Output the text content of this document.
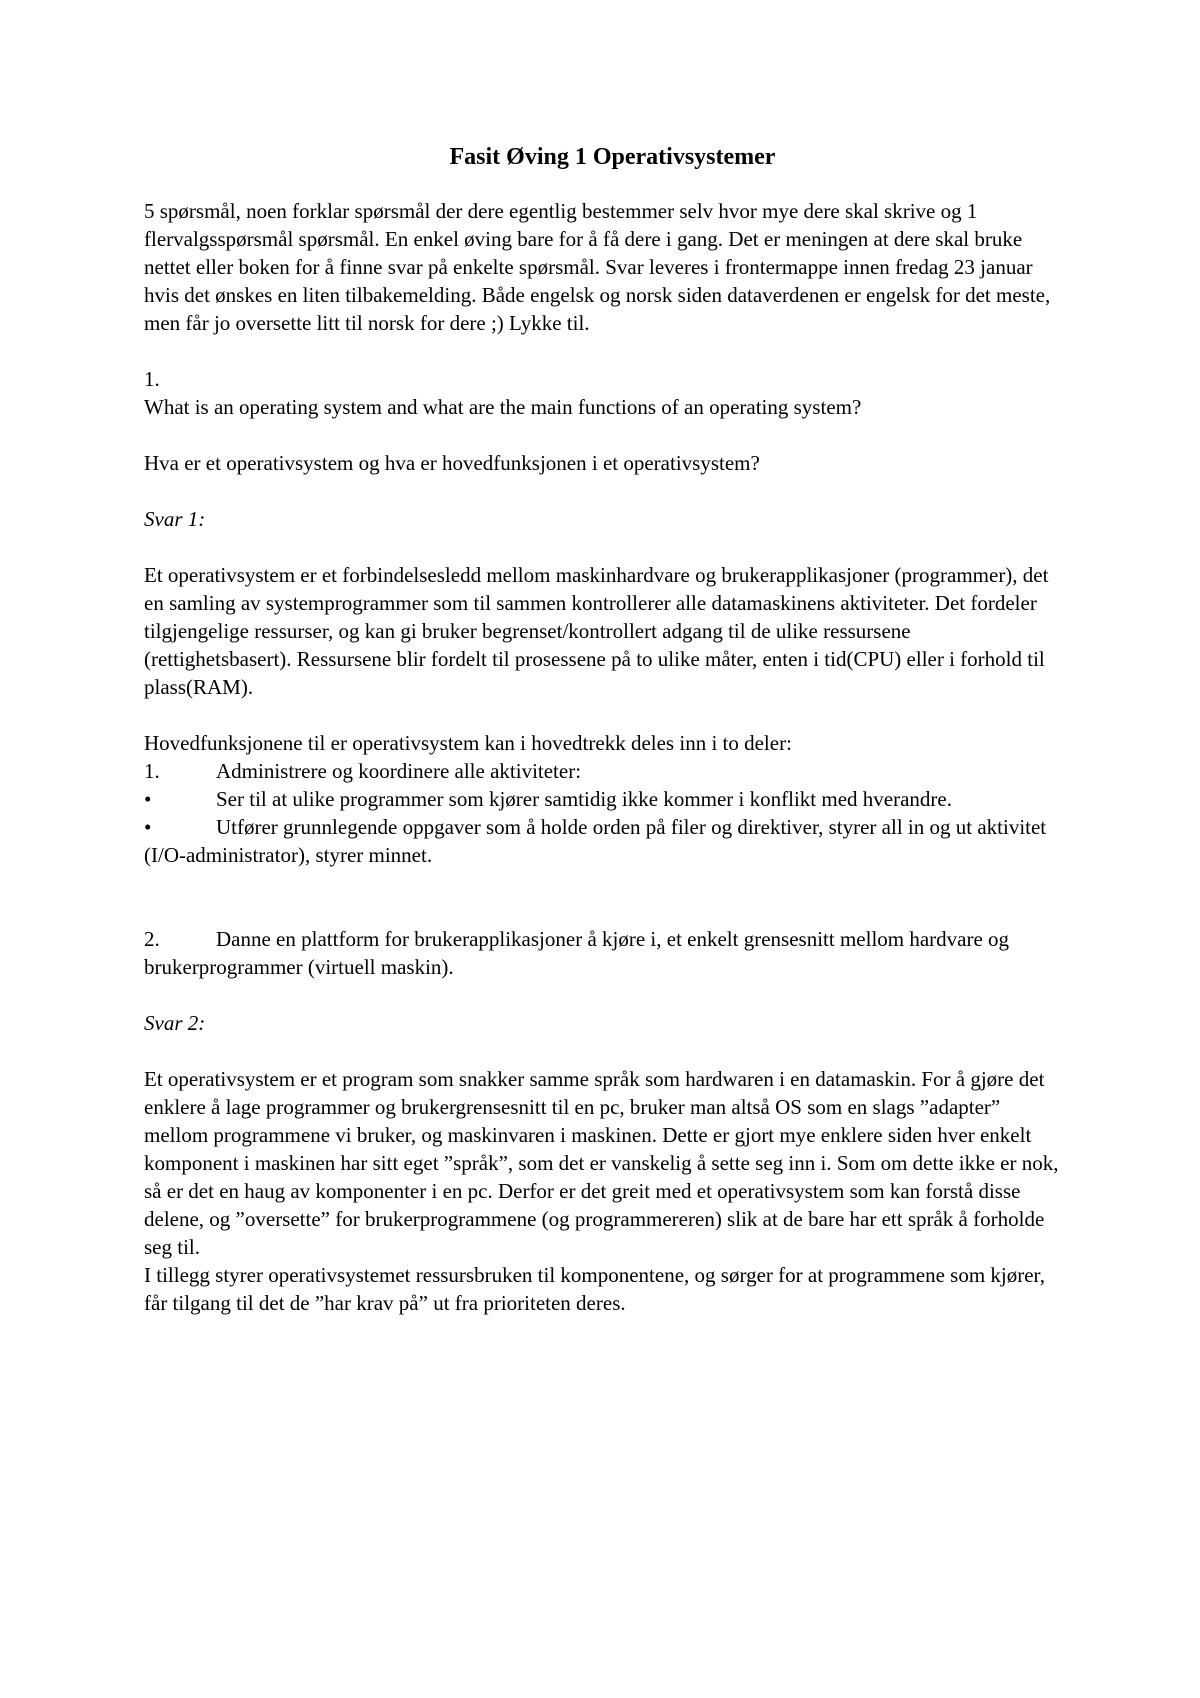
Fasit Øving 1 Operativsystemer

5 spørsmål, noen forklar spørsmål der dere egentlig bestemmer selv hvor mye dere skal skrive og 1 flervalgsspørsmål spørsmål. En enkel øving bare for å få dere i gang. Det er meningen at dere skal bruke nettet eller boken for å finne svar på enkelte spørsmål. Svar leveres i frontermappe innen fredag 23 januar hvis det ønskes en liten tilbakemelding. Både engelsk og norsk siden dataverdenen er engelsk for det meste, men får jo oversette litt til norsk for dere ;) Lykke til.

1.

What is an operating system and what are the main functions of an operating system?

Hva er et operativsystem og hva er hovedfunksjonen i et operativsystem?

Svar 1:

Et operativsystem er et forbindelsesledd mellom maskinhardvare og brukerapplikasjoner (programmer), det en samling av systemprogrammer som til sammen kontrollerer alle datamaskinens aktiviteter. Det fordeler tilgjengelige ressurser, og kan gi bruker begrenset/kontrollert adgang til de ulike ressursene (rettighetsbasert). Ressursene blir fordelt til prosessene på to ulike måter, enten i tid(CPU) eller i forhold til plass(RAM).

Hovedfunksjonene til er operativsystem kan i hovedtrekk deles inn i to deler:

1.	Administrere og koordinere alle aktiviteter:

•	Ser til at ulike programmer som kjører samtidig ikke kommer i konflikt med hverandre.

•	Utfører grunnlegende oppgaver som å holde orden på filer og direktiver, styrer all in og ut aktivitet (I/O-administrator), styrer minnet.

2.	Danne en plattform for brukerapplikasjoner å kjøre i, et enkelt grensesnitt mellom hardvare og brukerprogrammer (virtuell maskin).

Svar 2:

Et operativsystem er et program som snakker samme språk som hardwaren i en datamaskin. For å gjøre det enklere å lage programmer og brukergrensesnitt til en pc, bruker man altså OS som en slags ”adapter” mellom programmene vi bruker, og maskinvaren i maskinen. Dette er gjort mye enklere siden hver enkelt komponent i maskinen har sitt eget ”språk”, som det er vanskelig å sette seg inn i. Som om dette ikke er nok, så er det en haug av komponenter i en pc. Derfor er det greit med et operativsystem som kan forstå disse delene, og ”oversette” for brukerprogrammene (og programmereren) slik at de bare har ett språk å forholde seg til.

I tillegg styrer operativsystemet ressursbruken til komponentene, og sørger for at programmene som kjører, får tilgang til det de ”har krav på” ut fra prioriteten deres.
